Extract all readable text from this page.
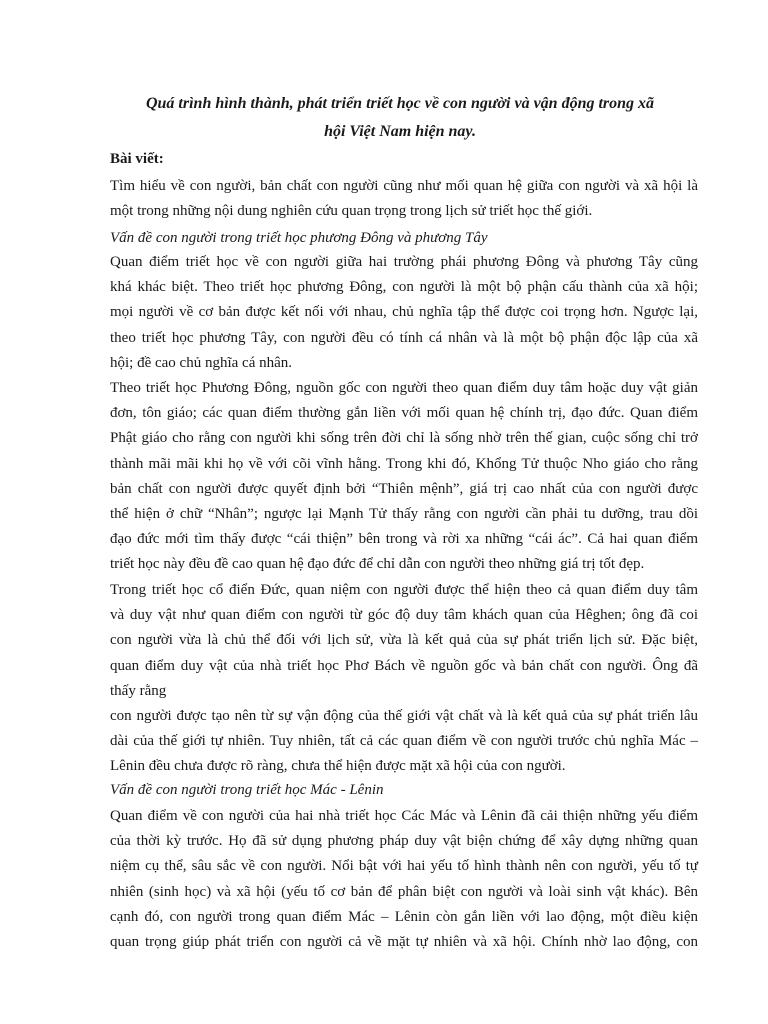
Quá trình hình thành, phát triển triết học về con người và vận động trong xã
hội Việt Nam hiện nay.

Bài viết:

Tìm hiểu về con người, bản chất con người cũng như mối quan hệ giữa con người và xã hội là
một trong những nội dung nghiên cứu quan trọng trong lịch sử triết học thế giới.

Vấn đề con người trong triết học phương Đông và phương Tây

Quan điểm triết học về con người giữa hai trường phái phương Đông và phương Tây cũng
khá khác biệt. Theo triết học phương Đông, con người là một bộ phận cấu thành của xã hội;
mọi người về cơ bản được kết nối với nhau, chủ nghĩa tập thể được coi trọng hơn. Ngược lại,
theo triết học phương Tây, con người đều có tính cá nhân và là một bộ phận độc lập của xã
hội; đề cao chủ nghĩa cá nhân.

Theo triết học Phương Đông, nguồn gốc con người theo quan điểm duy tâm hoặc duy vật giản
đơn, tôn giáo; các quan điểm thường gắn liền với mối quan hệ chính trị, đạo đức. Quan điểm
Phật giáo cho rằng con người khi sống trên đời chỉ là sống nhờ trên thế gian, cuộc sống chỉ trở
thành mãi mãi khi họ về với cõi vĩnh hằng. Trong khi đó, Khổng Tử thuộc Nho giáo cho rằng
bản chất con người được quyết định bởi “Thiên mệnh”, giá trị cao nhất của con người được
thể hiện ở chữ “Nhân”; ngược lại Mạnh Tử thấy rằng con người cần phải tu dưỡng, trau dồi
đạo đức mới tìm thấy được “cái thiện” bên trong và rời xa những “cái ác”. Cả hai quan điểm
triết học này đều đề cao quan hệ đạo đức để chỉ dẫn con người theo những giá trị tốt đẹp.

Trong triết học cổ điển Đức, quan niệm con người được thể hiện theo cả quan điểm duy tâm
và duy vật như quan điểm con người từ góc độ duy tâm khách quan của Hêghen; ông đã coi
con người vừa là chủ thể đối với lịch sử, vừa là kết quả của sự phát triển lịch sử. Đặc biệt,
quan điểm duy vật của nhà triết học Phơ Bách về nguồn gốc và bản chất con người. Ông đã
thấy rằng

con người được tạo nên từ sự vận động của thế giới vật chất và là kết quả của sự phát triển lâu
dài của thế giới tự nhiên. Tuy nhiên, tất cả các quan điểm về con người trước chủ nghĩa Mác –
Lênin đều chưa được rõ ràng, chưa thể hiện được mặt xã hội của con người.

Vấn đề con người trong triết học Mác - Lênin

Quan điểm về con người của hai nhà triết học Các Mác và Lênin đã cải thiện những yếu điểm
của thời kỳ trước. Họ đã sử dụng phương pháp duy vật biện chứng để xây dựng những quan
niệm cụ thể, sâu sắc về con người. Nổi bật với hai yếu tố hình thành nên con người, yếu tố tự
nhiên (sinh học) và xã hội (yếu tố cơ bản để phân biệt con người và loài sinh vật khác). Bên
cạnh đó, con người trong quan điểm Mác – Lênin còn gắn liền với lao động, một điều kiện
quan trọng giúp phát triển con người cả về mặt tự nhiên và xã hội. Chính nhờ lao động, con
